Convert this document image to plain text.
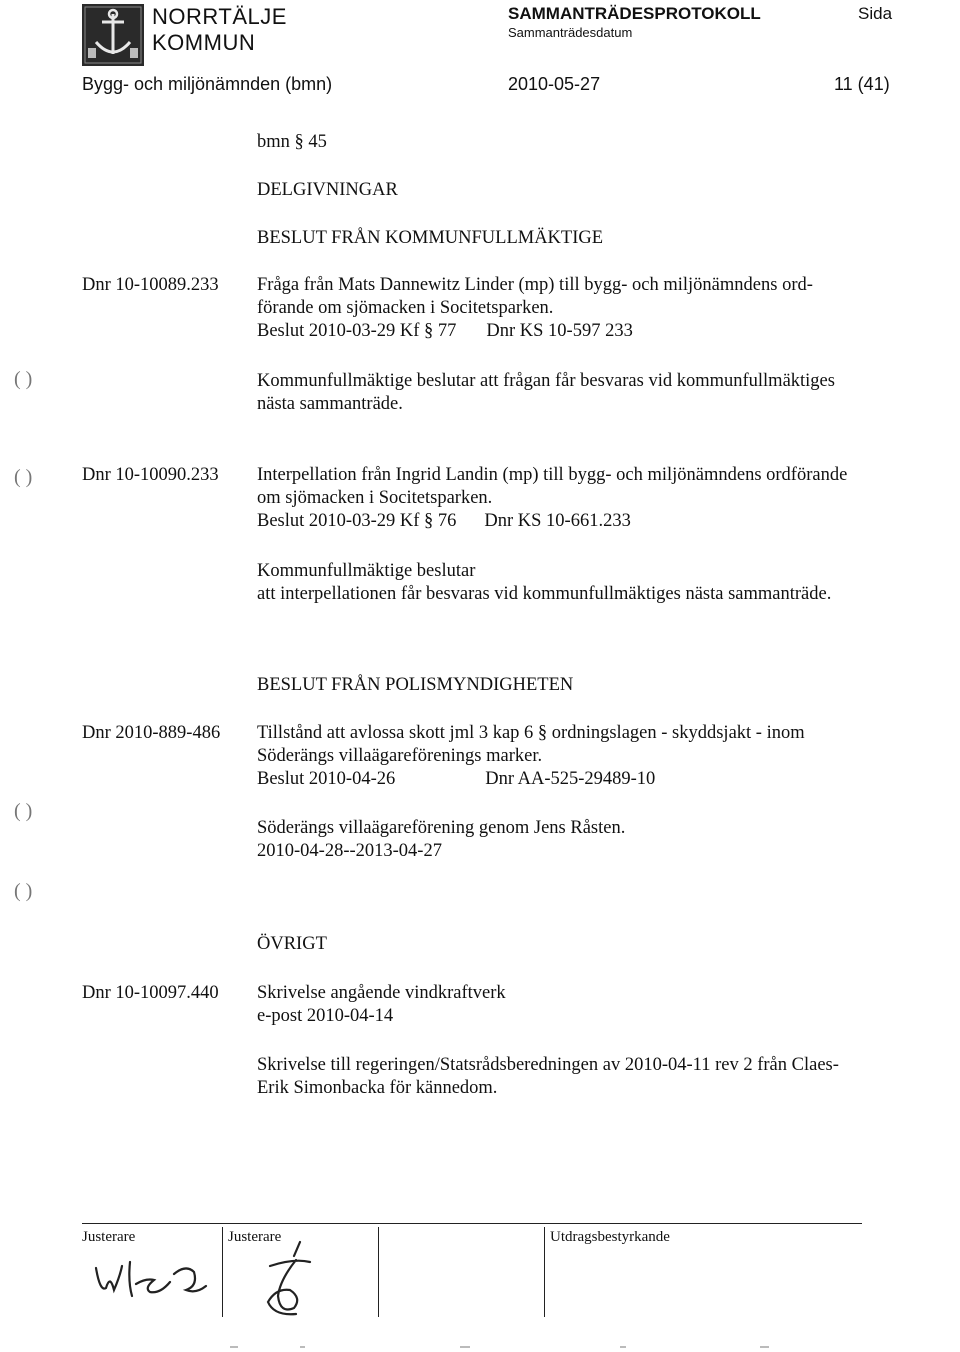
NORRTÄLJE
KOMMUN
SAMMANTRÄDESPROTOKOLL
Sammanträdesdatum
Sida
Bygg- och miljönämnden (bmn)	2010-05-27	11 (41)
bmn § 45
DELGIVNINGAR
BESLUT FRÅN KOMMUNFULLMÄKTIGE
Dnr 10-10089.233 Fråga från Mats Dannewitz Linder (mp) till bygg- och miljönämndens ord-
förande om sjömacken i Socitetsparken.
Beslut 2010-03-29 Kf § 77 Dnr KS 10-597 233
Kommunfullmäktige beslutar att frågan får besvaras vid kommunfullmäktiges
nästa sammanträde.
Dnr 10-10090.233 Interpellation från Ingrid Landin (mp) till bygg- och miljönämndens ordförande
om sjömacken i Socitetsparken.
Beslut 2010-03-29 Kf § 76 Dnr KS 10-661.233
Kommunfullmäktige beslutar
att interpellationen får besvaras vid kommunfullmäktiges nästa sammanträde.
BESLUT FRÅN POLISMYNDIGHETEN
Dnr 2010-889-486 Tillstånd att avlossa skott jml 3 kap 6 § ordningslagen - skyddsjakt - inom
Söderängs villaägareförenings marker.
Beslut 2010-04-26	Dnr AA-525-29489-10
Söderängs villaägareförening genom Jens Råsten.
2010-04-28--2013-04-27
ÖVRIGT
Dnr 10-10097.440 Skrivelse angående vindkraftverk
e-post 2010-04-14
Skrivelse till regeringen/Statsrådsberedningen av 2010-04-11 rev 2 från Claes-
Erik Simonbacka för kännedom.
( )
( )
( )
( )
Justerare	Justerare	Utdragsbestyrkande
